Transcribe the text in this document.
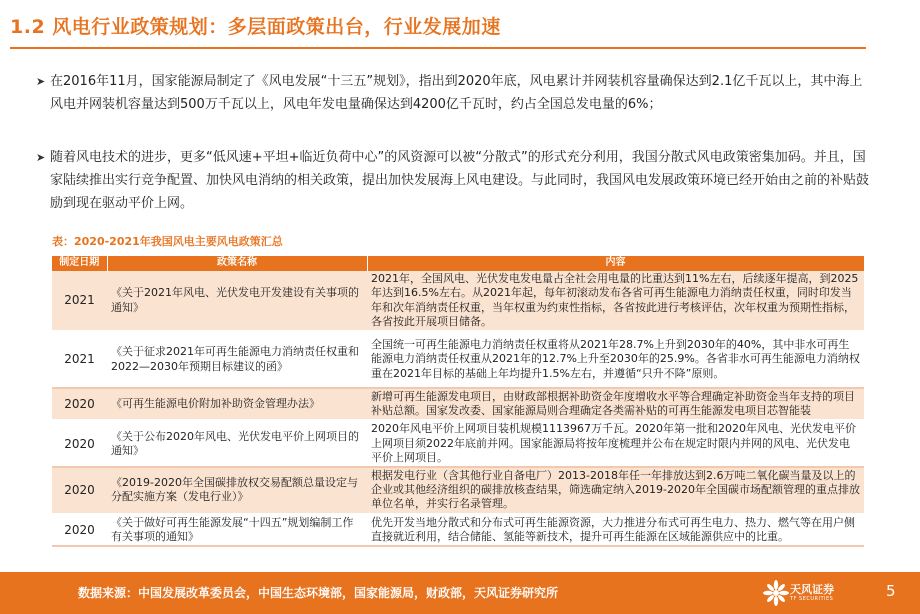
1.2 风电行业政策规划：多层面政策出台，行业发展加速
➤ 在2016年11月，国家能源局制定了《风电发展“十三五”规划》，指出到2020年底，风电累计并网装机容量确保达到2.1亿千瓦以上，其中海上风电并网装机容量达到500万千瓦以上，风电年发电量确保达到4200亿千瓦时，约占全国总发电量的6%；
➤ 随着风电技术的进步，更多“低风速+平坦+临近负荷中心”的风资源可以被“分散式”的形式充分利用，我国分散式风电政策密集加码。并且，国家陆续推出实行竞争配置、加快风电消纳的相关政策，提出加快发展海上风电建设。与此同时，我国风电发展政策环境已经开始由之前的补贴鼓励到现在驱动平价上网。
表：2020-2021年我国风电主要风电政策汇总
制定日期	政策名称	内容
2021	《关于2021年风电、光伏发电开发建设有关事项的通知》	2021年，全国风电、光伏发电发电量占全社会用电量的比重达到11%左右，后续逐年提高，到2025年达到16.5%左右。从2021年起，每年初滚动发布各省可再生能源电力消纳责任权重，同时印发当年和次年消纳责任权重，当年权重为约束性指标，各省按此进行考核评估，次年权重为预期性指标，各省按此开展项目储备。
2021	《关于征求2021年可再生能源电力消纳责任权重和2022—2030年预期目标建议的函》	全国统一可再生能源电力消纳责任权重将从2021年28.7%上升到2030年的40%，其中非水可再生能源电力消纳责任权重从2021年的12.7%上升至2030年的25.9%。各省非水可再生能源电力消纳权重在2021年目标的基础上年均提升1.5%左右，并遵循“只升不降”原则。
2020	《可再生能源电价附加补助资金管理办法》	新增可再生能源发电项目，由财政部根据补助资金年度增收水平等合理确定补助资金当年支持的项目补贴总额。国家发改委、国家能源局则合理确定各类需补贴的可再生能源发电项目芯智能装
2020	《关于公布2020年风电、光伏发电平价上网项目的通知》	2020年风电平价上网项目装机规模1113967万千瓦。2020年第一批和2020年风电、光伏发电平价上网项目须2022年底前并网。国家能源局将按年度梳理并公布在规定时限内并网的风电、光伏发电平价上网项目。
2020	《2019-2020年全国碳排放权交易配额总量设定与分配实施方案（发电行业）》	根据发电行业（含其他行业自备电厂）2013-2018年任一年排放达到2.6万吨二氧化碳当量及以上的企业或其他经济组织的碳排放核查结果，筛选确定纳入2019-2020年全国碳市场配额管理的重点排放单位名单，并实行名录管理。
2020	《关于做好可再生能源发展“十四五”规划编制工作有关事项的通知》	优先开发当地分散式和分布式可再生能源资源，大力推进分布式可再生电力、热力、燃气等在用户侧直接就近利用，结合储能、氢能等新技术，提升可再生能源在区域能源供应中的比重。
数据来源：中国发展改革委员会，中国生态环境部，国家能源局，财政部，天风证券研究所	天风证券
TF SECURITIES	5
